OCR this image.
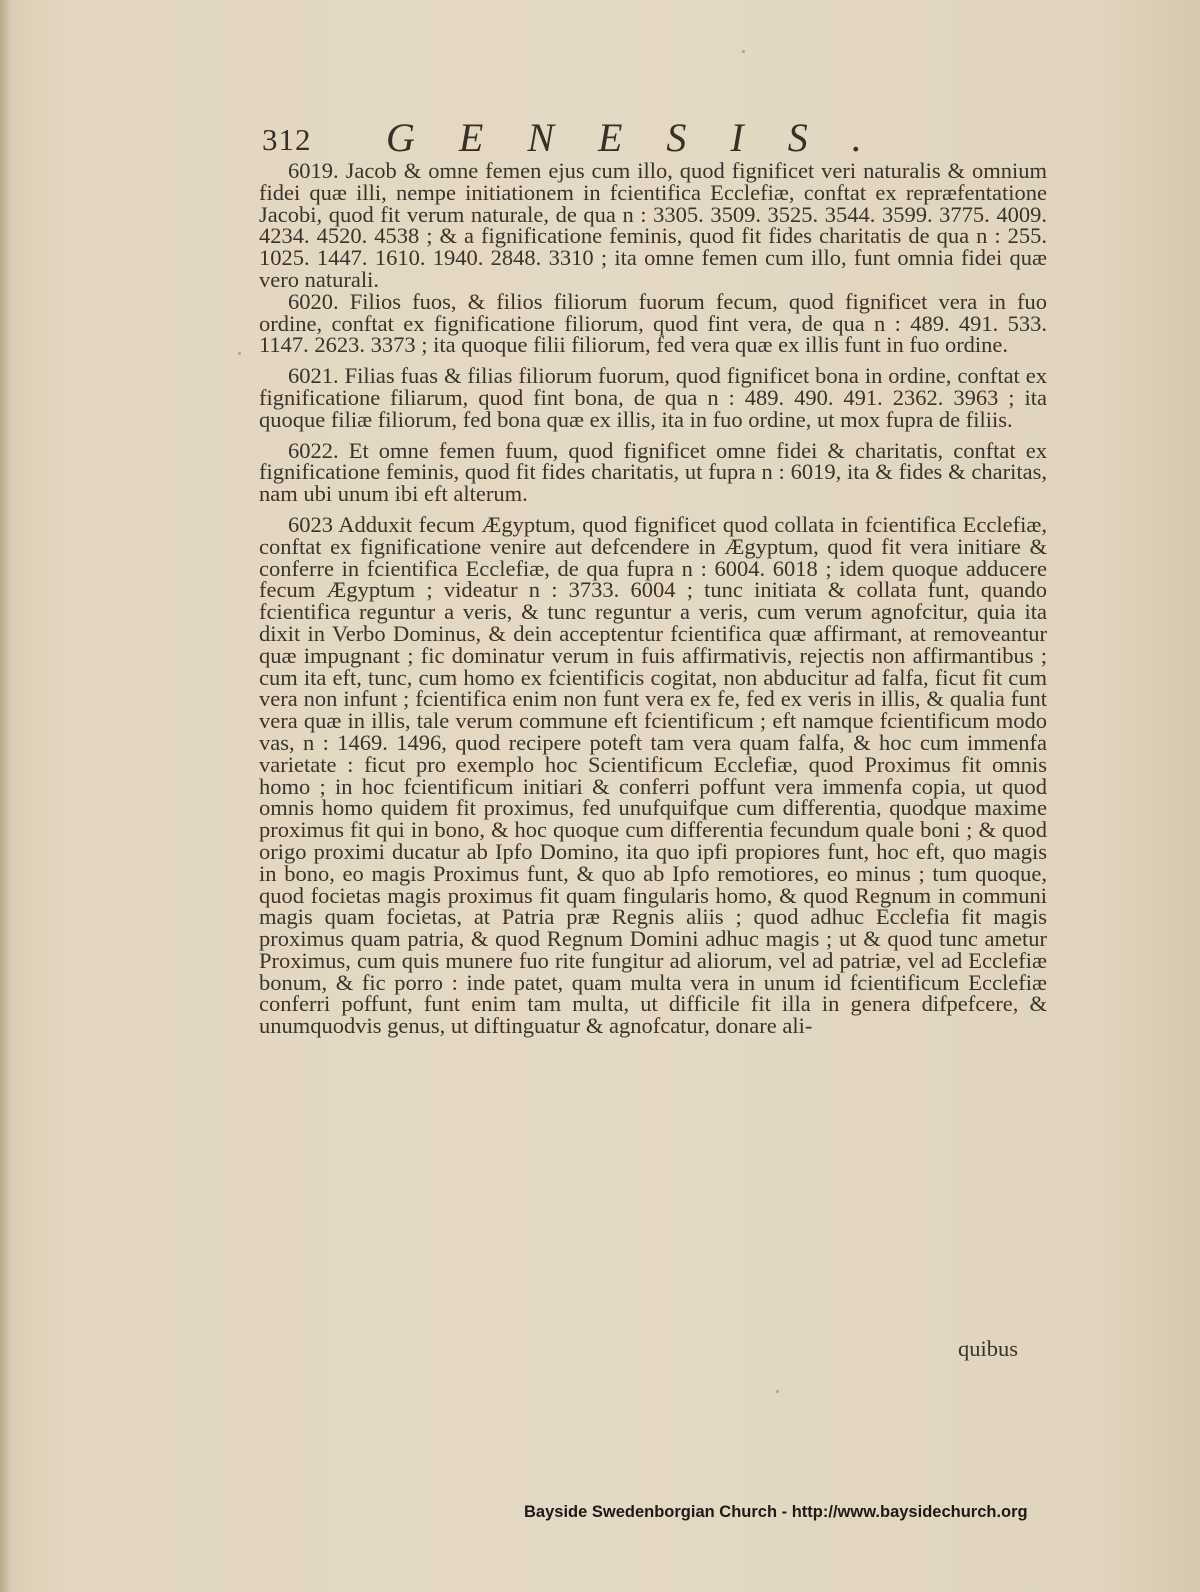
312 GENESIS.

6019. Jacob & omne femen ejus cum illo, quod fignificet veri naturalis & omnium fidei quæ illi, nempe initiationem in fcientifica Ecclefiæ, conftat ex repræfentatione Jacobi, quod fit verum naturale, de qua n : 3305. 3509. 3525. 3544. 3599. 3775. 4009. 4234. 4520. 4538 ; & a fignificatione feminis, quod fit fides charitatis de qua n : 255. 1025. 1447. 1610. 1940. 2848. 3310 ; ita omne femen cum illo, funt omnia fidei quæ vero naturali.

6020. Filios fuos, & filios filiorum fuorum fecum, quod fignificet vera in fuo ordine, conftat ex fignificatione filiorum, quod fint vera, de qua n : 489. 491. 533. 1147. 2623. 3373 ; ita quoque filii filiorum, fed vera quæ ex illis funt in fuo ordine.

6021. Filias fuas & filias filiorum fuorum, quod fignificet bona in ordine, conftat ex fignificatione filiarum, quod fint bona, de qua n : 489. 490. 491. 2362. 3963 ; ita quoque filiæ filiorum, fed bona quæ ex illis, ita in fuo ordine, ut mox fupra de filiis.

6022. Et omne femen fuum, quod fignificet omne fidei & charitatis, conftat ex fignificatione feminis, quod fit fides charitatis, ut fupra n : 6019, ita & fides & charitas, nam ubi unum ibi eft alterum.

6023 Adduxit fecum Ægyptum, quod fignificet quod collata in fcientifica Ecclefiæ, conftat ex fignificatione venire aut defcendere in Ægyptum, quod fit vera initiare & conferre in fcientifica Ecclefiæ, de qua fupra n : 6004. 6018 ; idem quoque adducere fecum Ægyptum ; videatur n : 3733. 6004 ; tunc initiata & collata funt, quando fcientifica reguntur a veris, & tunc reguntur a veris, cum verum agnofcitur, quia ita dixit in Verbo Dominus, & dein acceptentur fcientifica quæ affirmant, at removeantur quæ impugnant ; fic dominatur verum in fuis affirmativis, rejectis non affirmantibus ; cum ita eft, tunc, cum homo ex fcientificis cogitat, non abducitur ad falfa, ficut fit cum vera non infunt ; fcientifica enim non funt vera ex fe, fed ex veris in illis, & qualia funt vera quæ in illis, tale verum commune eft fcientificum ; eft namque fcientificum modo vas, n : 1469. 1496, quod recipere poteft tam vera quam falfa, & hoc cum immenfa varietate : ficut pro exemplo hoc Scientificum Ecclefiæ, quod Proximus fit omnis homo ; in hoc fcientificum initiari & conferri poffunt vera immenfa copia, ut quod omnis homo quidem fit proximus, fed unufquifque cum differentia, quodque maxime proximus fit qui in bono, & hoc quoque cum differentia fecundum quale boni ; & quod origo proximi ducatur ab Ipfo Domino, ita quo ipfi propiores funt, hoc eft, quo magis in bono, eo magis Proximus funt, & quo ab Ipfo remotiores, eo minus ; tum quoque, quod focietas magis proximus fit quam fingularis homo, & quod Regnum in communi magis quam focietas, at Patria præ Regnis aliis ; quod adhuc Ecclefia fit magis proximus quam patria, & quod Regnum Domini adhuc magis ; ut & quod tunc ametur Proximus, cum quis munere fuo rite fungitur ad aliorum, vel ad patriæ, vel ad Ecclefiæ bonum, & fic porro : inde patet, quam multa vera in unum id fcientificum Ecclefiæ conferri poffunt, funt enim tam multa, ut difficile fit illa in genera difpefcere, & unumquodvis genus, ut diftinguatur & agnofcatur, donare ali-

quibus
Bayside Swedenborgian Church - http://www.baysidechurch.org
